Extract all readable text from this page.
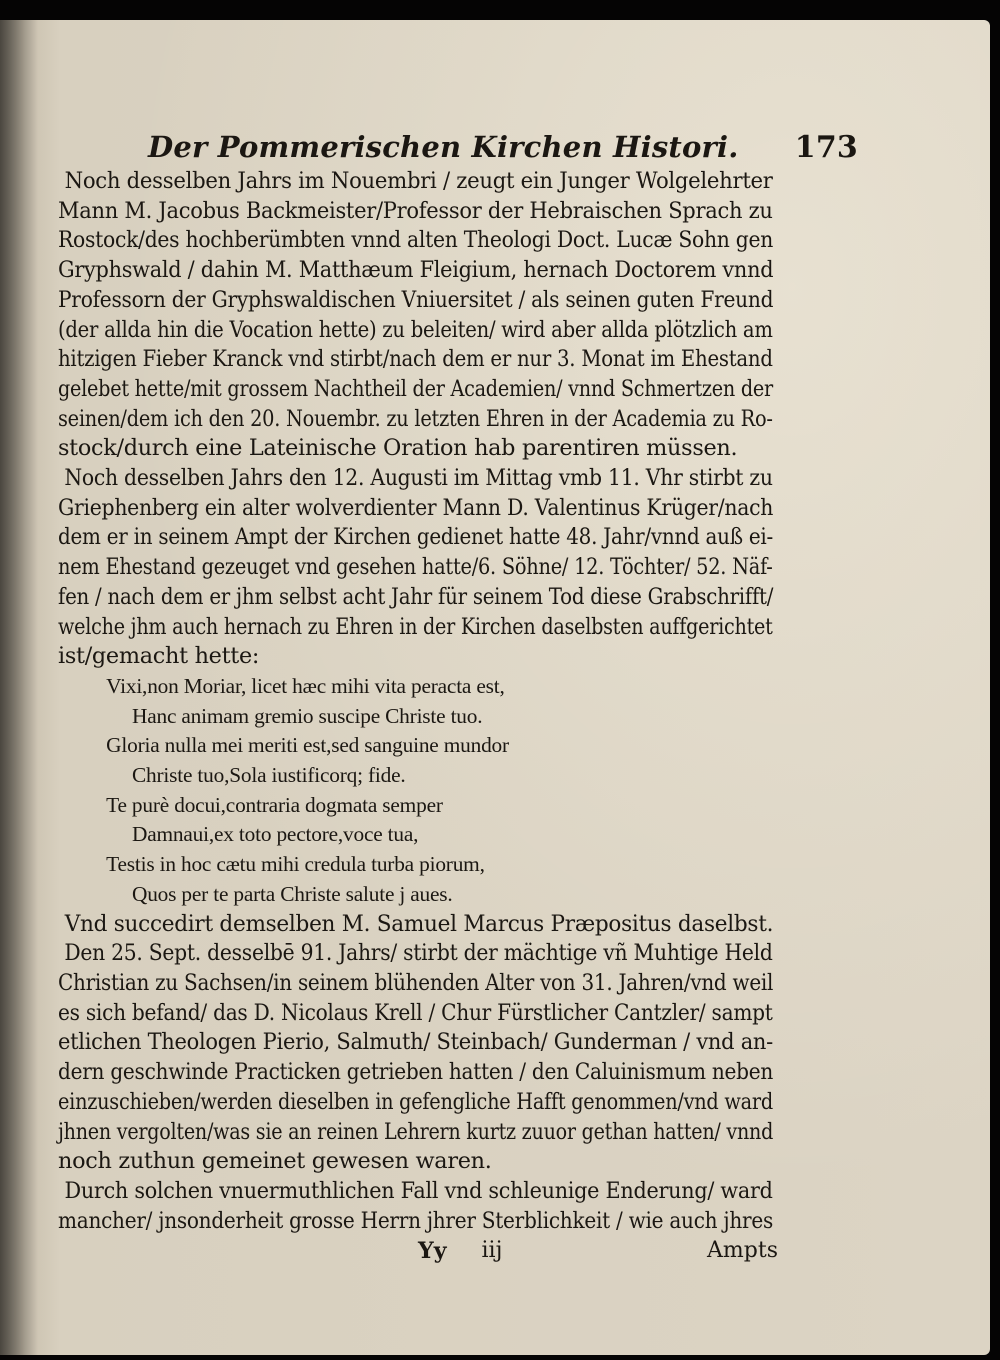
Der Pommerischen Kirchen Histori. 173
Noch desselben Jahrs im Nouembri / zeugt ein Junger Wolgelehrter
Mann M. Jacobus Backmeister/Professor der Hebraischen Sprach zu
Rostock/des hochberümbten vnnd alten Theologi Doct. Lucæ Sohn gen
Gryphswald / dahin M. Matthæum Fleigium, hernach Doctorem vnnd
Professorn der Gryphswaldischen Vniuersitet / als seinen guten Freund
(der allda hin die Vocation hette) zu beleiten/ wird aber allda plötzlich am
hitzigen Fieber Kranck vnd stirbt/nach dem er nur 3. Monat im Ehestand
gelebet hette/mit grossem Nachtheil der Academien/ vnnd Schmertzen der
seinen/dem ich den 20. Nouembr. zu letzten Ehren in der Academia zu Ro-
stock/durch eine Lateinische Oration hab parentiren müssen.
Noch desselben Jahrs den 12. Augusti im Mittag vmb 11. Vhr stirbt zu
Griephenberg ein alter wolverdienter Mann D. Valentinus Krüger/nach
dem er in seinem Ampt der Kirchen gedienet hatte 48. Jahr/vnnd auß ei-
nem Ehestand gezeuget vnd gesehen hatte/6. Söhne/ 12. Töchter/ 52. Näf-
fen / nach dem er jhm selbst acht Jahr für seinem Tod diese Grabschrifft/
welche jhm auch hernach zu Ehren in der Kirchen daselbsten auffgerichtet
ist/gemacht hette:
Vixi,non Moriar, licet hæc mihi vita peracta est,
Hanc animam gremio suscipe Christe tuo.
Gloria nulla mei meriti est,sed sanguine mundor
Christe tuo,Sola iustificorq; fide.
Te purè docui,contraria dogmata semper
Damnaui,ex toto pectore,voce tua,
Testis in hoc cætu mihi credula turba piorum,
Quos per te parta Christe salute j aues.
Vnd succedirt demselben M. Samuel Marcus Præpositus daselbst.
Den 25. Sept. desselbē 91. Jahrs/ stirbt der mächtige vñ Muhtige Held
Christian zu Sachsen/in seinem blühenden Alter von 31. Jahren/vnd weil
es sich befand/ das D. Nicolaus Krell / Chur Fürstlicher Cantzler/ sampt
etlichen Theologen Pierio, Salmuth/ Steinbach/ Gunderman / vnd an-
dern geschwinde Practicken getrieben hatten / den Caluinismum neben
einzuschieben/werden dieselben in gefengliche Hafft genommen/vnd ward
jhnen vergolten/was sie an reinen Lehrern kurtz zuuor gethan hatten/ vnnd
noch zuthun gemeinet gewesen waren.
Durch solchen vnuermuthlichen Fall vnd schleunige Enderung/ ward
mancher/ jnsonderheit grosse Herrn jhrer Sterblichkeit / wie auch jhres
Yy iij	Ampts
